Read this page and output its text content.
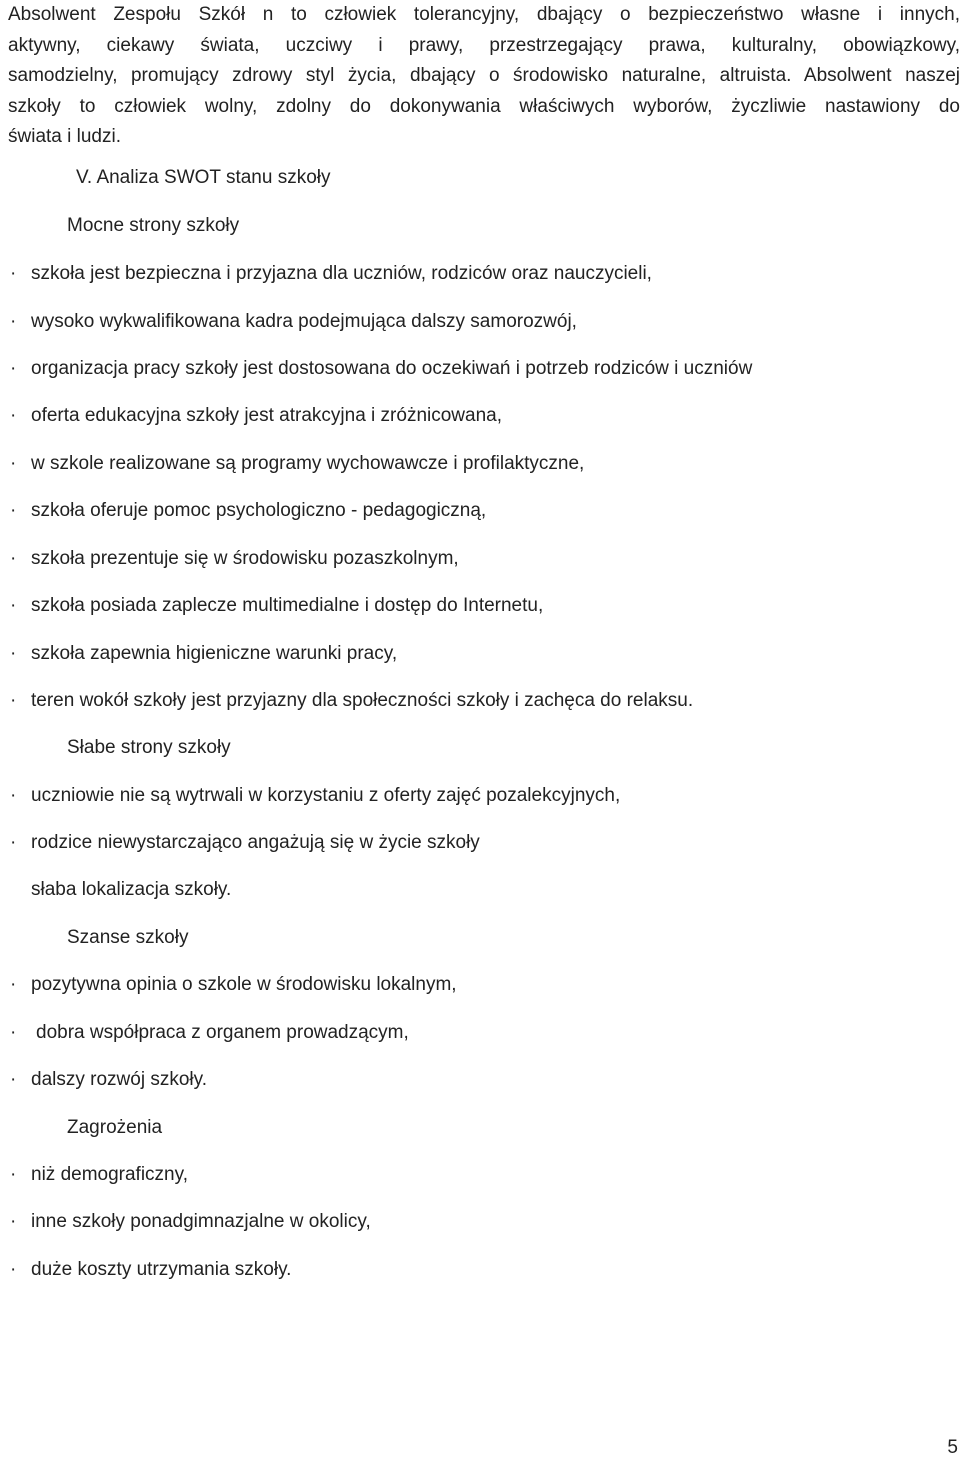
Absolwent Zespołu Szkół n to człowiek tolerancyjny, dbający o bezpieczeństwo własne i innych,
aktywny, ciekawy świata, uczciwy i prawy, przestrzegający prawa, kulturalny, obowiązkowy,
samodzielny, promujący zdrowy styl życia, dbający o środowisko naturalne, altruista. Absolwent naszej
szkoły to człowiek wolny, zdolny do dokonywania właściwych wyborów, życzliwie nastawiony do
świata i ludzi.

V. Analiza SWOT stanu szkoły
Mocne strony szkoły
· szkoła jest bezpieczna i przyjazna dla uczniów, rodziców oraz nauczycieli,
· wysoko wykwalifikowana kadra podejmująca dalszy samorozwój,
· organizacja pracy szkoły jest dostosowana do oczekiwań i potrzeb rodziców i uczniów
· oferta edukacyjna szkoły jest atrakcyjna i zróżnicowana,
· w szkole realizowane są programy wychowawcze i profilaktyczne,
· szkoła oferuje pomoc psychologiczno - pedagogiczną,
· szkoła prezentuje się w środowisku pozaszkolnym,
· szkoła posiada zaplecze multimedialne i dostęp do Internetu,
· szkoła zapewnia higieniczne warunki pracy,
· teren wokół szkoły jest przyjazny dla społeczności szkoły i zachęca do relaksu.
Słabe strony szkoły
· uczniowie nie są wytrwali w korzystaniu z oferty zajęć pozalekcyjnych,
· rodzice niewystarczająco angażują się w życie szkoły
słaba lokalizacja szkoły.
Szanse szkoły
· pozytywna opinia o szkole w środowisku lokalnym,
· dobra współpraca z organem prowadzącym,
· dalszy rozwój szkoły.
Zagrożenia
· niż demograficzny,
· inne szkoły ponadgimnazjalne w okolicy,
· duże koszty utrzymania szkoły.
5
